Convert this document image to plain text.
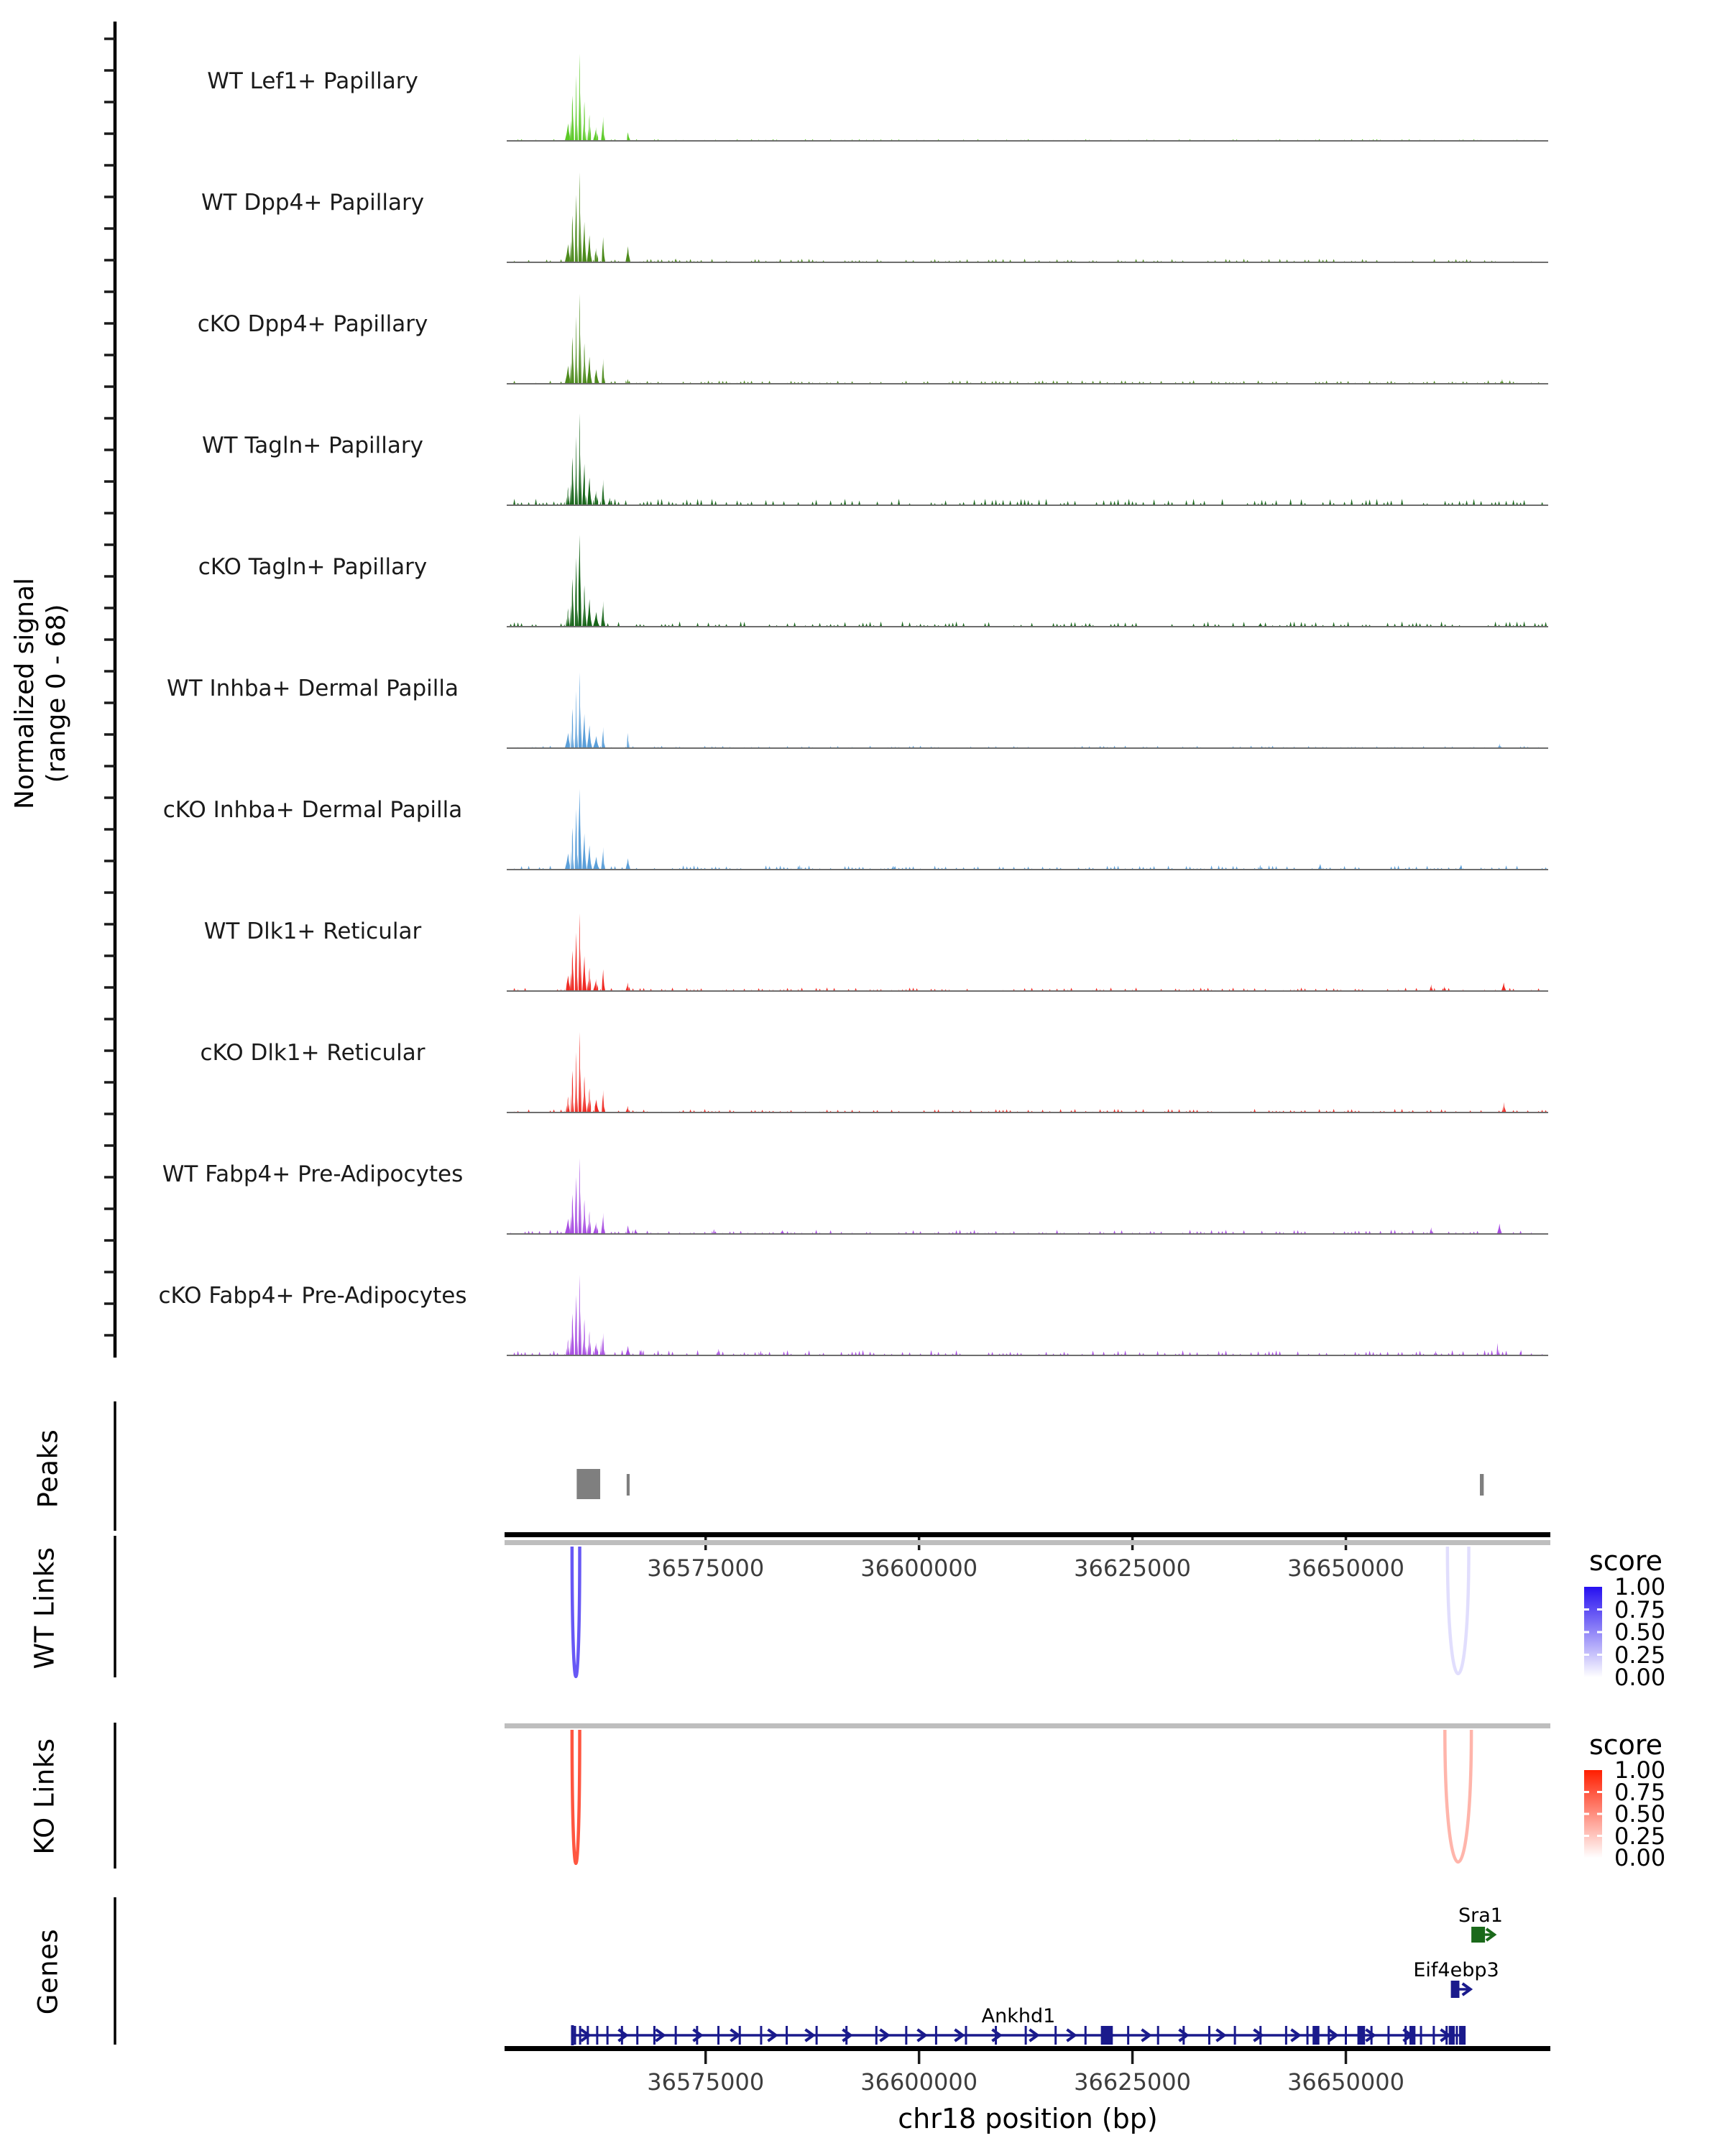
Normalized signal (range 0 - 68)
Peaks
WT Links
KO Links
Genes
score
score
Sra1
Eif4ebp3
Ankhd1
chr18 position (bp)
WT Lef1+ Papillary
WT Dpp4+ Papillary
cKO Dpp4+ Papillary
WT Tagln+ Papillary
cKO Tagln+ Papillary
WT Inhba+ Dermal Papilla
cKO Inhba+ Dermal Papilla
WT Dlk1+ Reticular
cKO Dlk1+ Reticular
WT Fabp4+ Pre-Adipocytes
cKO Fabp4+ Pre-Adipocytes
36575000	36600000	36625000	36650000
36575000	36600000	36625000	36650000
1.00
0.75
0.50
0.25
0.00
1.00
0.75
0.50
0.25
0.00
